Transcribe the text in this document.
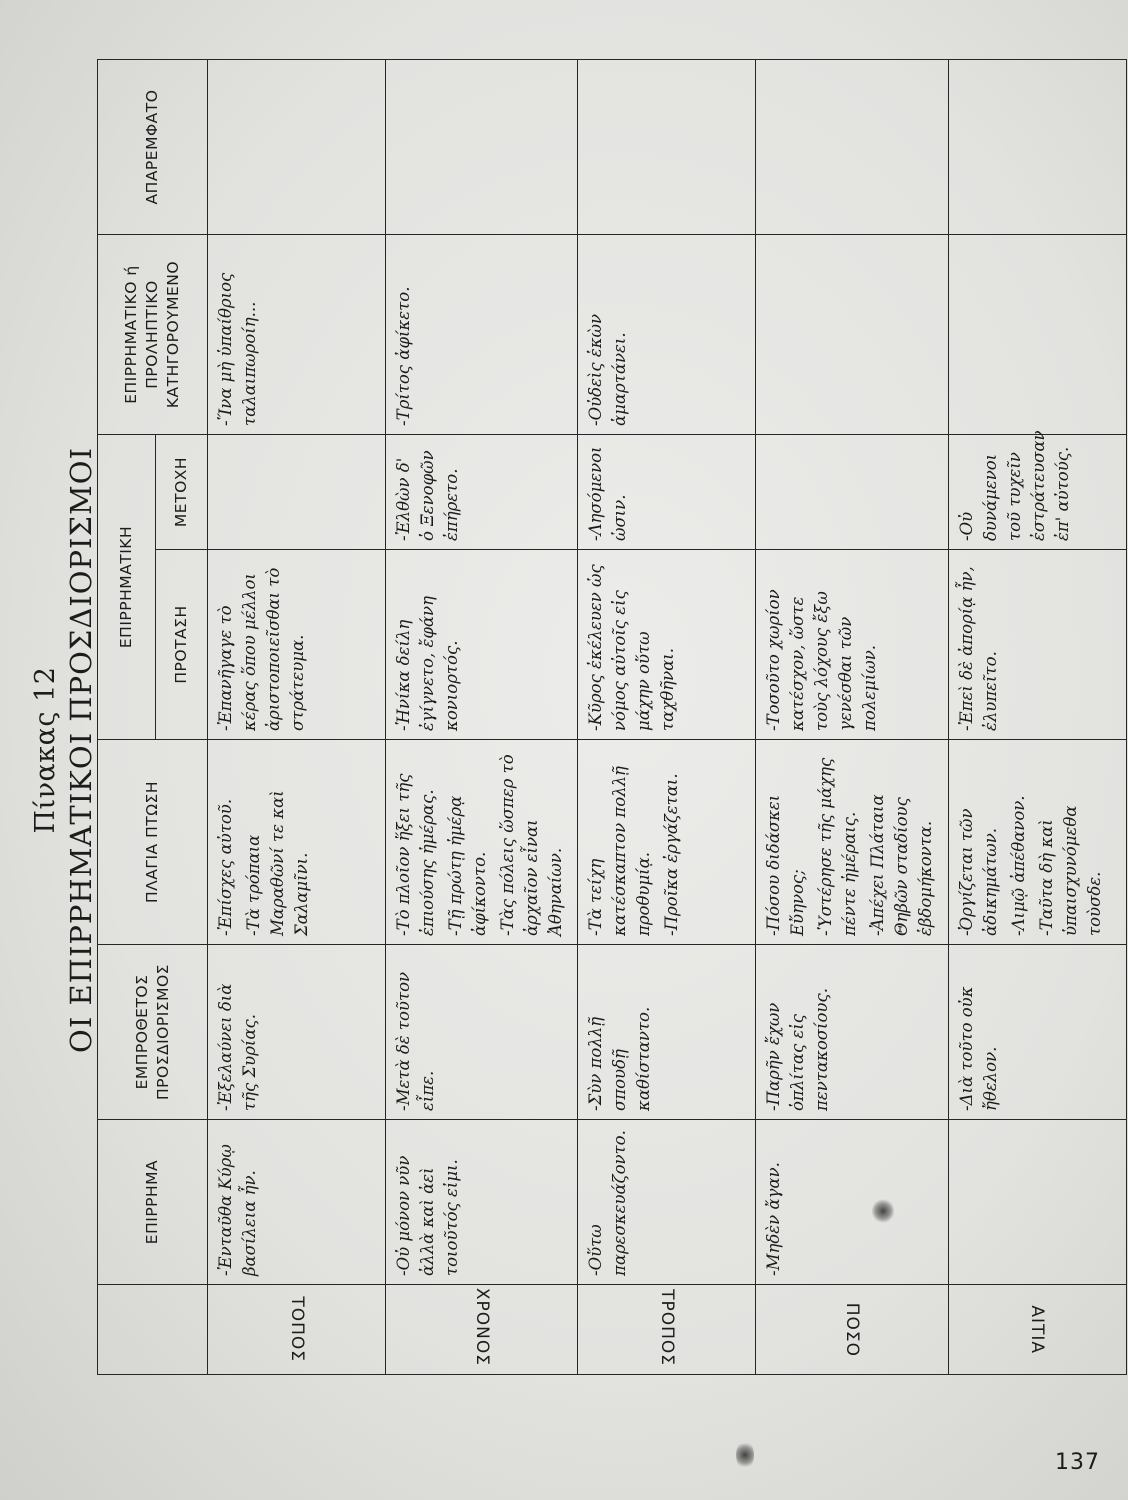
Πίνακας 12 ΟΙ ΕΠΙΡΡΗΜΑΤΙΚΟΙ ΠΡΟΣΔΙΟΡΙΣΜΟΙ
	ΕΠΙΡΡΗΜΑ	ΕΜΠΡΟΘΕΤΟΣ ΠΡΟΣΔΙΟΡΙΣΜΟΣ	ΠΛΑΓΙΑ ΠΤΩΣΗ	ΕΠΙΡΡΗΜΑΤΙΚΗ		ΕΠΙΡΡΗΜΑΤΙΚΟ ή ΠΡΟΛΗΠΤΙΚΟ ΚΑΤΗΓΟΡΟΥΜΕΝΟ	ΑΠΑΡΕΜΦΑΤΟ
				ΠΡΟΤΑΣΗ	ΜΕΤΟΧΗ		
ΤΟΠΟΣ	-Ἐνταῦθα Κύρῳ βασίλεια ἦν.	-Ἐξελαύνει διὰ τῆς Συρίας.	-Ἐπίσχες αὐτοῦ. -Τὰ τρόπαια Μαραθῶνί τε καὶ Σαλαμῖνι.	-Ἐπανῆγαγε τὸ κέρας ὅπου μέλλοι ἀριστοποιεῖσθαι τὸ στράτευμα.		-Ἵνα μὴ ὑπαίθριος ταλαιπωροίη...	

ΧΡΟΝΟΣ	-Οὐ μόνον νῦν ἀλλὰ καὶ ἀεὶ τοιοῦτός εἰμι.	-Μετὰ δὲ τοῦτον εἶπε.	-Τὸ πλοῖον ἥξει τῆς ἐπιούσης ἡμέρας. -Τῇ πρώτῃ ἡμέρᾳ ἀφίκοντο. -Τὰς πόλεις ὥσπερ τὸ ἀρχαῖον εἶναι Ἀθηναίων.	-Ἡνίκα δείλη ἐγίγνετο, ἔφάνη κονιορτός.	-Ἐλθὼν δ' ὁ Ξενοφῶν ἐπήρετο.	-Τρίτος ἀφίκετο.	

ΤΡΟΠΟΣ	-Οὕτω παρεσκευάζοντο.	-Σὺν πολλῇ σπουδῇ καθίσταντο.	-Τὰ τείχη κατέσκαπτον πολλῇ προθυμίᾳ. -Προῖκα ἐργάζεται.	-Κῦρος ἐκέλευεν ὡς νόμος αὐτοῖς εἰς μάχην οὕτω ταχθῆναι.	-Λησόμενοι ὡσιν.	-Οὐδεὶς ἑκὼν ἁμαρτάνει.	

ΠΟΣΟ	-Μηδὲν ἄγαν.	-Παρῆν ἔχων ὁπλίτας εἰς πεντακοσίους.	-Πόσου διδάσκει Εὔηνος; -Ὑστέρησε τῆς μάχης πέντε ἡμέραις. -Ἀπέχει Πλάταια Θηβῶν σταδίους ἑβδομήκοντα.	-Τοσοῦτο χωρίον κατέσχον, ὥστε τοὺς λόχους ἔξω γενέσθαι τῶν πολεμίων.			

ΑΙΤΙΑ		-Διὰ τοῦτο οὐκ ἤθελον.	-Ὀργίζεται τῶν ἀδικημάτων. -Λιμῷ ἀπέθανον. -Ταῦτα δὴ καὶ ὑπαισχυνόμεθα τοὺσδε.	-Ἐπεὶ δὲ ἀπορίᾳ ἦν, ἐλυπεῖτο.	-Οὐ δυνάμενοι τοῦ τυχεῖν ἐστράτευσαν ἐπ' αὐτούς.		

137
